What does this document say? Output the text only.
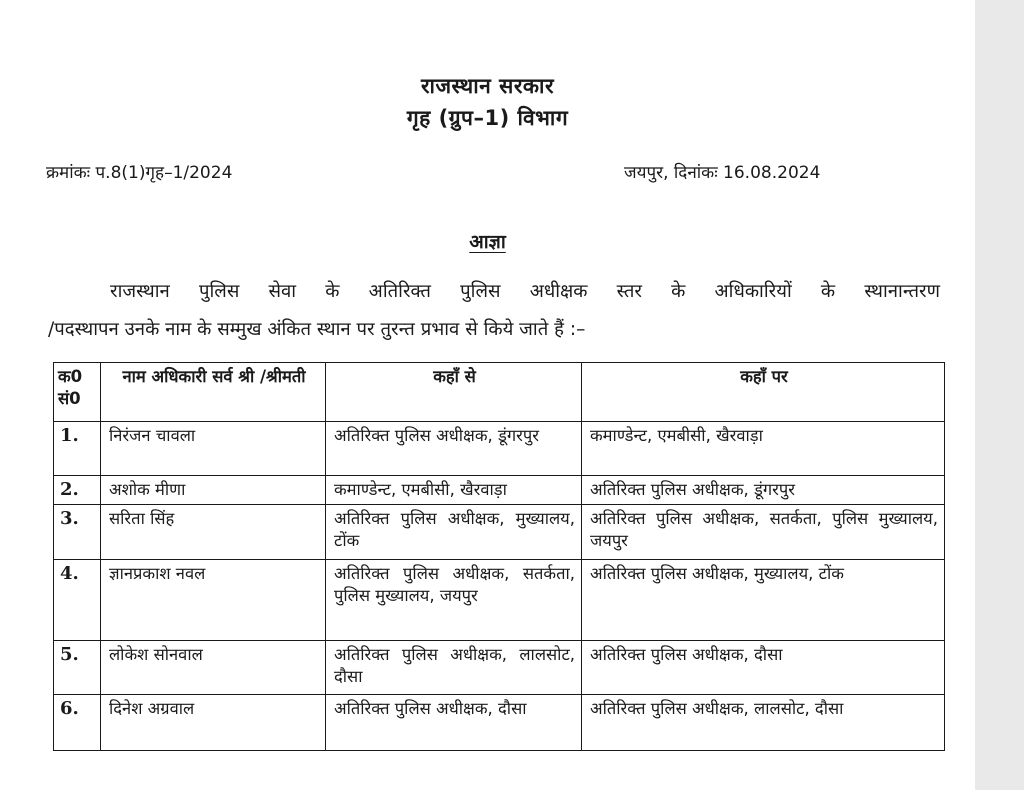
राजस्थान सरकार
गृह (ग्रुप–1) विभाग
क्रमांकः प.8(1)गृह–1/2024	जयपुर, दिनांकः 16.08.2024
आज्ञा
राजस्थान पुलिस सेवा के अतिरिक्त पुलिस अधीक्षक स्तर के अधिकारियों के स्थानान्तरण
/पदस्थापन उनके नाम के सम्मुख अंकित स्थान पर तुरन्त प्रभाव से किये जाते हैं :–
क0 सं0	नाम अधिकारी सर्व श्री /श्रीमती	कहाँ से	कहाँ पर
1.	निरंजन चावला	अतिरिक्त पुलिस अधीक्षक, डूंगरपुर	कमाण्डेन्ट, एमबीसी, खैरवाड़ा
2.	अशोक मीणा	कमाण्डेन्ट, एमबीसी, खैरवाड़ा	अतिरिक्त पुलिस अधीक्षक, डूंगरपुर
3.	सरिता सिंह	अतिरिक्त पुलिस अधीक्षक, मुख्यालय, टोंक	अतिरिक्त पुलिस अधीक्षक, सतर्कता, पुलिस मुख्यालय, जयपुर
4.	ज्ञानप्रकाश नवल	अतिरिक्त पुलिस अधीक्षक, सतर्कता, पुलिस मुख्यालय, जयपुर	अतिरिक्त पुलिस अधीक्षक, मुख्यालय, टोंक
5.	लोकेश सोनवाल	अतिरिक्त पुलिस अधीक्षक, लालसोट, दौसा	अतिरिक्त पुलिस अधीक्षक, दौसा
6.	दिनेश अग्रवाल	अतिरिक्त पुलिस अधीक्षक, दौसा	अतिरिक्त पुलिस अधीक्षक, लालसोट, दौसा
